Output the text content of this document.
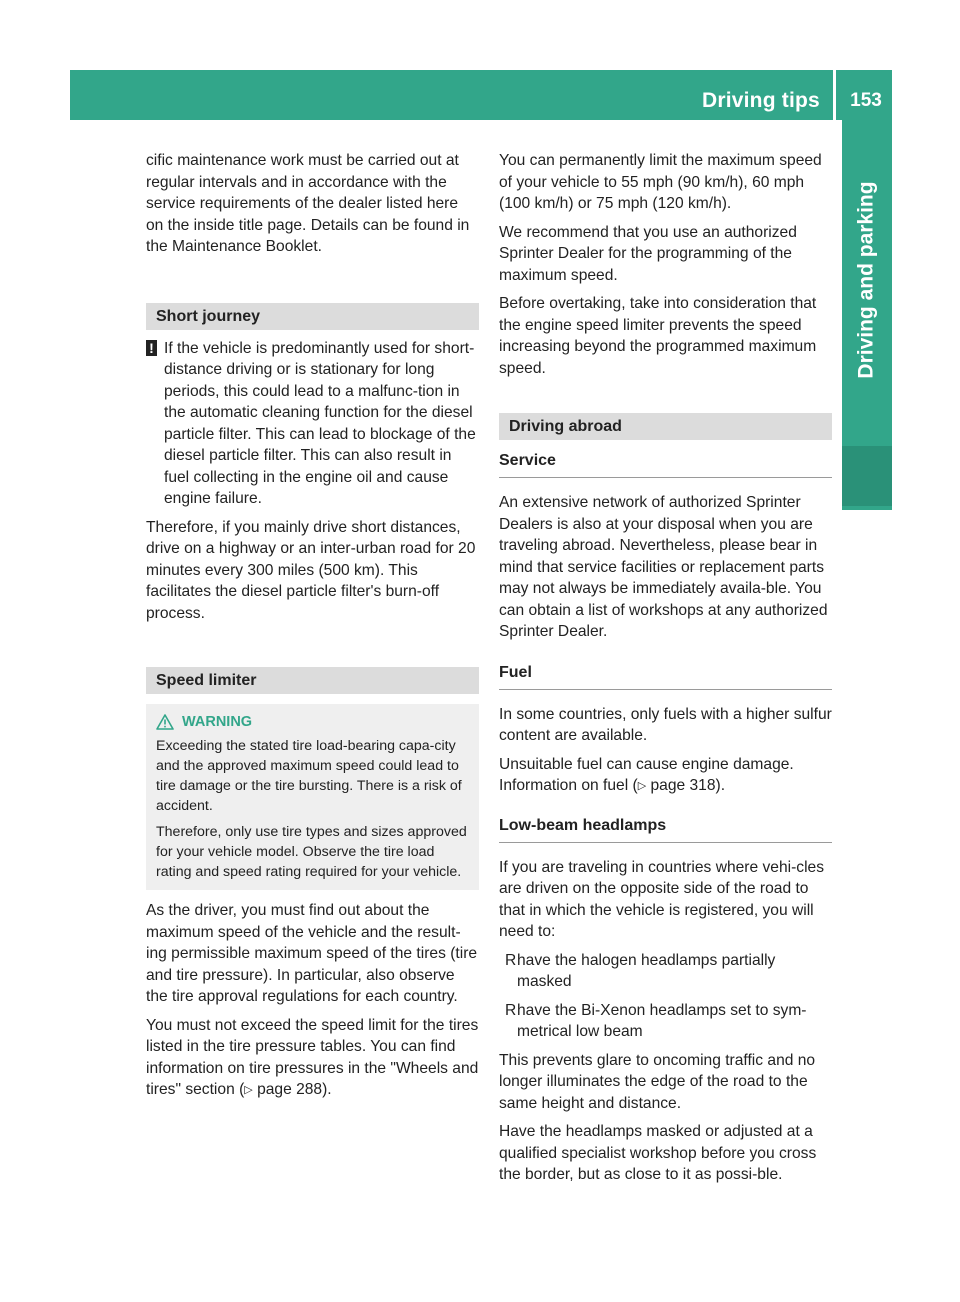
Driving tips	153
Driving and parking

cific maintenance work must be carried out at regular intervals and in accordance with the service requirements of the dealer listed here on the inside title page. Details can be found in the Maintenance Booklet.

Short journey

! If the vehicle is predominantly used for short-distance driving or is stationary for long periods, this could lead to a malfunc-tion in the automatic cleaning function for the diesel particle filter. This can lead to blockage of the diesel particle filter. This can also result in fuel collecting in the engine oil and cause engine failure.

Therefore, if you mainly drive short distances, drive on a highway or an inter-urban road for 20 minutes every 300 miles (500 km). This facilitates the diesel particle filter's burn-off process.

Speed limiter
WARNING

Exceeding the stated tire load-bearing capa-city and the approved maximum speed could lead to tire damage or the tire bursting. There is a risk of accident.

Therefore, only use tire types and sizes approved for your vehicle model. Observe the tire load rating and speed rating required for your vehicle.

As the driver, you must find out about the maximum speed of the vehicle and the result-ing permissible maximum speed of the tires (tire and tire pressure). In particular, also observe the tire approval regulations for each country.

You must not exceed the speed limit for the tires listed in the tire pressure tables. You can find information on tire pressures in the "Wheels and tires" section (▷ page 288).

You can permanently limit the maximum speed of your vehicle to 55 mph (90 km/h), 60 mph (100 km/h) or 75 mph (120 km/h).

We recommend that you use an authorized Sprinter Dealer for the programming of the maximum speed.

Before overtaking, take into consideration that the engine speed limiter prevents the speed increasing beyond the programmed maximum speed.

Driving abroad
Service

An extensive network of authorized Sprinter Dealers is also at your disposal when you are traveling abroad. Nevertheless, please bear in mind that service facilities or replacement parts may not always be immediately availa-ble. You can obtain a list of workshops at any authorized Sprinter Dealer.

Fuel

In some countries, only fuels with a higher sulfur content are available.

Unsuitable fuel can cause engine damage. Information on fuel (▷ page 318).

Low-beam headlamps

If you are traveling in countries where vehi-cles are driven on the opposite side of the road to that in which the vehicle is registered, you will need to:

R have the halogen headlamps partially masked

R have the Bi-Xenon headlamps set to sym-metrical low beam

This prevents glare to oncoming traffic and no longer illuminates the edge of the road to the same height and distance.

Have the headlamps masked or adjusted at a qualified specialist workshop before you cross the border, but as close to it as possi-ble.
